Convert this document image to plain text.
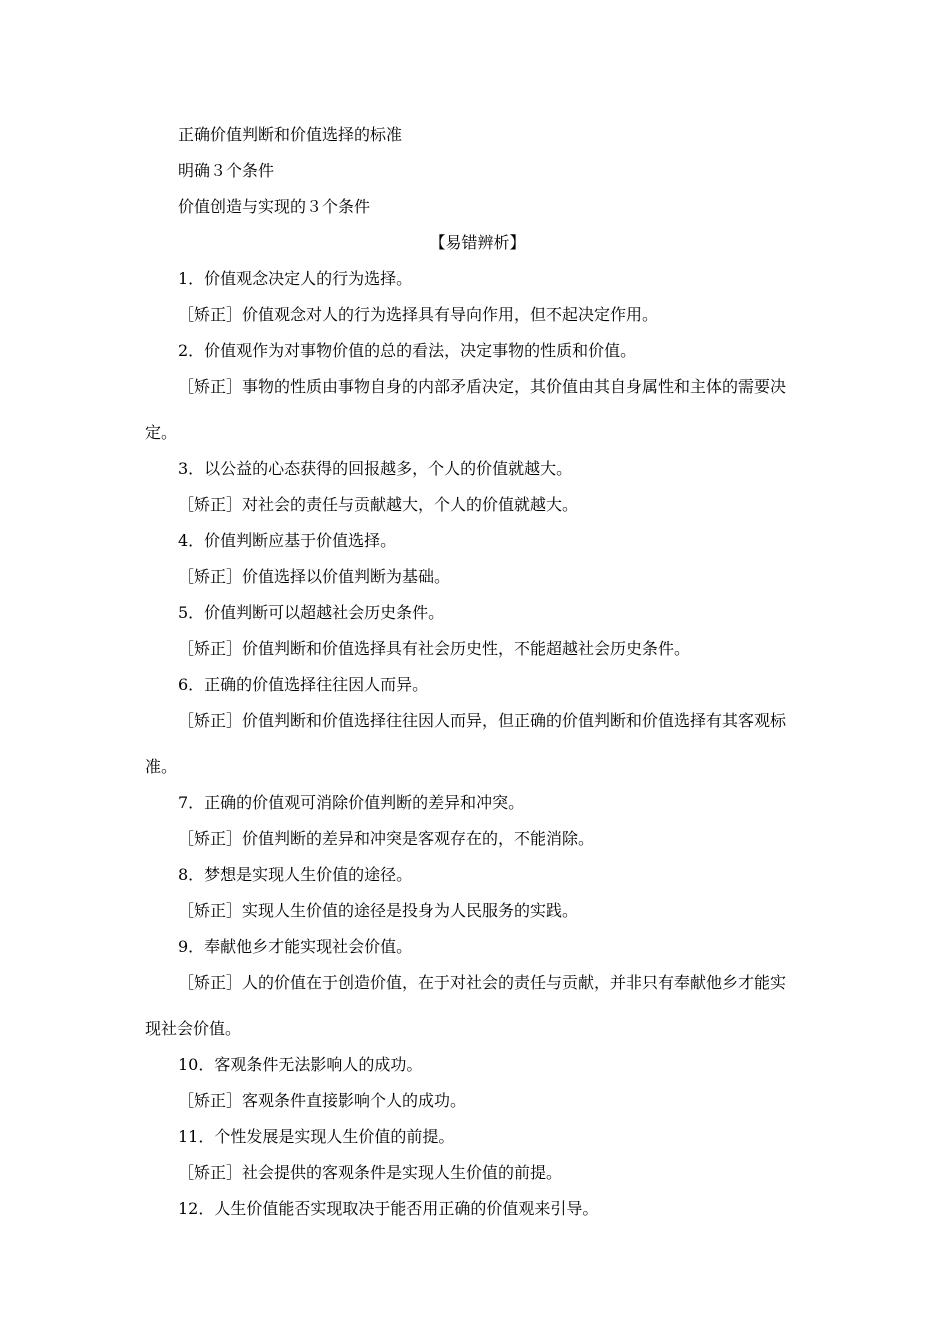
正确价值判断和价值选择的标准

明确３个条件

价值创造与实现的３个条件

【易错辨析】

1．价值观念决定人的行为选择。

［矫正］价值观念对人的行为选择具有导向作用，但不起决定作用。

2．价值观作为对事物价值的总的看法，决定事物的性质和价值。

［矫正］事物的性质由事物自身的内部矛盾决定，其价值由其自身属性和主体的需要决

定。

3．以公益的心态获得的回报越多，个人的价值就越大。

［矫正］对社会的责任与贡献越大，个人的价值就越大。

4．价值判断应基于价值选择。

［矫正］价值选择以价值判断为基础。

5．价值判断可以超越社会历史条件。

［矫正］价值判断和价值选择具有社会历史性，不能超越社会历史条件。

6．正确的价值选择往往因人而异。

［矫正］价值判断和价值选择往往因人而异，但正确的价值判断和价值选择有其客观标

准。

7．正确的价值观可消除价值判断的差异和冲突。

［矫正］价值判断的差异和冲突是客观存在的，不能消除。

8．梦想是实现人生价值的途径。

［矫正］实现人生价值的途径是投身为人民服务的实践。

9．奉献他乡才能实现社会价值。

［矫正］人的价值在于创造价值，在于对社会的责任与贡献，并非只有奉献他乡才能实

现社会价值。

10．客观条件无法影响人的成功。

［矫正］客观条件直接影响个人的成功。

11．个性发展是实现人生价值的前提。

［矫正］社会提供的客观条件是实现人生价值的前提。

12．人生价值能否实现取决于能否用正确的价值观来引导。
